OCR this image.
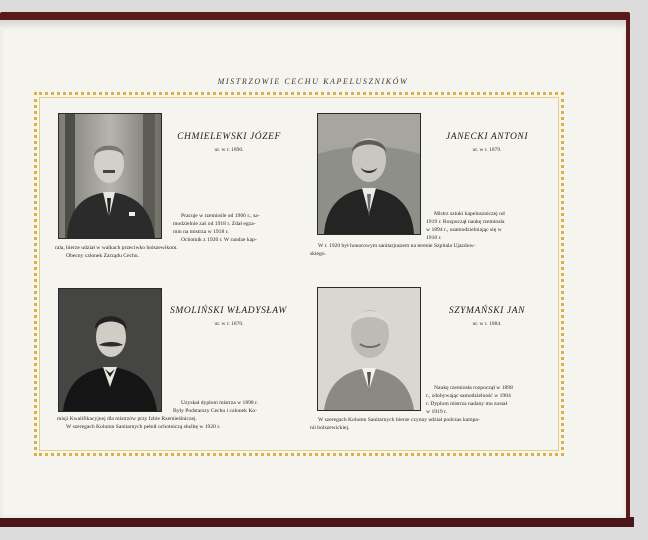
MISTRZOWIE CECHU KAPELUSZNIKÓW
CHMIELEWSKI JÓZEF
ur. w r. 1890.
Pracuje w rzemiośle od 1906 r., sa-
modzielnie zaś od 1918 r. Zdał egza-
min na mistrza w 1918 r.
Ochotnik z 1920 r. W randze kap-
rala, bierze udział w walkach przeciwko bolszewikom.
Obecny członek Zarządu Cechu.
JANECKI ANTONI
ur. w r. 1879.
Mistrz sztuki kapeluszniczej od
1919 r. Rozpoczął naukę rzemiosła
w 1894 r., usamodzielniając się w
1910 r.
W r. 1920 był honorowym sanitarjuszem na terenie Szpitala Ujazdow-
skiego.
SMOLIŃSKI WŁADYSŁAW
ur. w r. 1870.
Uzyskał dyplom mistrza w 1898 r.
Były Podstarszy Cechu i członek Ko-
misji Kwalifikacyjnej dla mistrzów przy Izbie Rzemieślniczej.
W szeregach Kolumn Sanitarnych pełnił ochotniczą służbę w 1920 r.
SZYMAŃSKI JAN
ur. w r. 1884.
Naukę rzemiosła rozpoczął w 1898
r., zdobywając samodzielność w 1904
r. Dyplom mistrza nadany mu został
w 1919 r.
W szeregach Kolumn Sanitarnych bierze czynny udział podczas kampa-
nii bolszewickiej.
